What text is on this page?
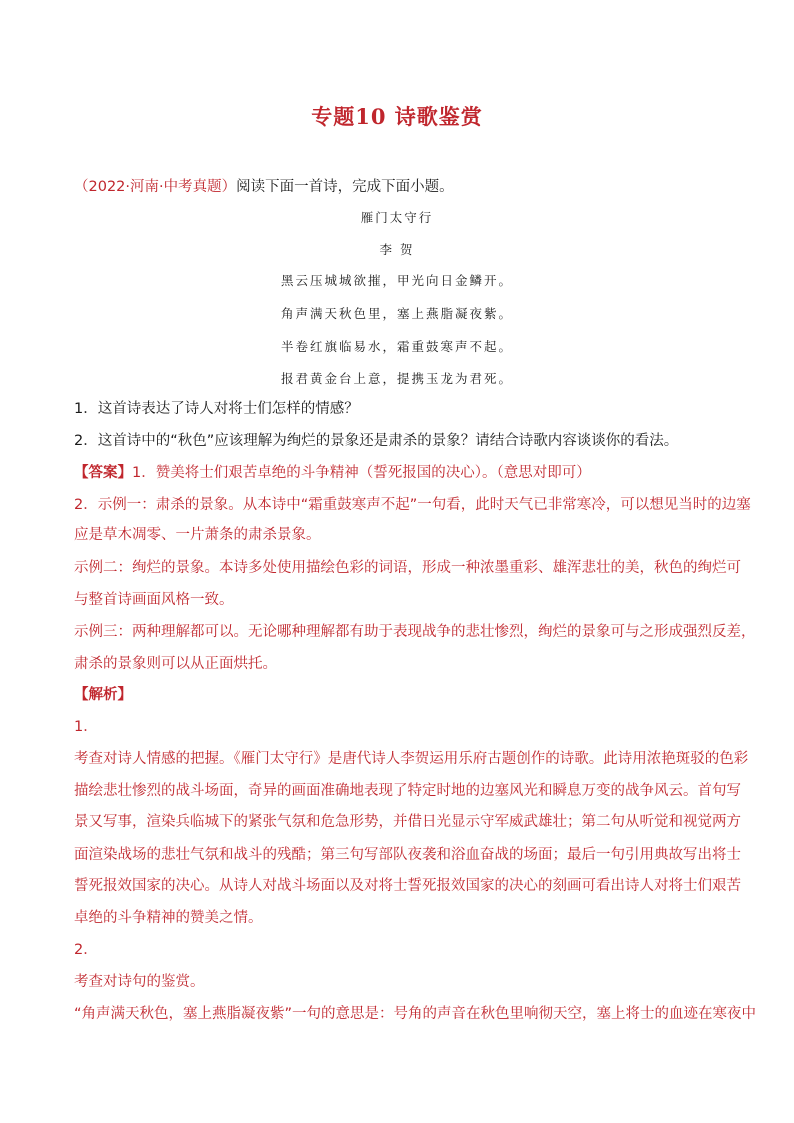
专题10 诗歌鉴赏
（2022·河南·中考真题）阅读下面一首诗，完成下面小题。
雁门太守行
李 贺
黑云压城城欲摧，甲光向日金鳞开。
角声满天秋色里，塞上燕脂凝夜紫。
半卷红旗临易水，霜重鼓寒声不起。
报君黄金台上意，提携玉龙为君死。
1．这首诗表达了诗人对将士们怎样的情感？
2．这首诗中的“秋色”应该理解为绚烂的景象还是肃杀的景象？请结合诗歌内容谈谈你的看法。
【答案】1．赞美将士们艰苦卓绝的斗争精神（誓死报国的决心）。（意思对即可）
2．示例一：肃杀的景象。从本诗中“霜重鼓寒声不起”一句看，此时天气已非常寒冷，可以想见当时的边塞
应是草木凋零、一片萧条的肃杀景象。
示例二：绚烂的景象。本诗多处使用描绘色彩的词语，形成一种浓墨重彩、雄浑悲壮的美，秋色的绚烂可
与整首诗画面风格一致。
示例三：两种理解都可以。无论哪种理解都有助于表现战争的悲壮惨烈，绚烂的景象可与之形成强烈反差，
肃杀的景象则可以从正面烘托。
【解析】
1．
考查对诗人情感的把握。《雁门太守行》是唐代诗人李贺运用乐府古题创作的诗歌。此诗用浓艳斑驳的色彩
描绘悲壮惨烈的战斗场面，奇异的画面准确地表现了特定时地的边塞风光和瞬息万变的战争风云。首句写
景又写事，渲染兵临城下的紧张气氛和危急形势，并借日光显示守军威武雄壮；第二句从听觉和视觉两方
面渲染战场的悲壮气氛和战斗的残酷；第三句写部队夜袭和浴血奋战的场面；最后一句引用典故写出将士
誓死报效国家的决心。从诗人对战斗场面以及对将士誓死报效国家的决心的刻画可看出诗人对将士们艰苦
卓绝的斗争精神的赞美之情。
2．
考查对诗句的鉴赏。
“角声满天秋色，塞上燕脂凝夜紫”一句的意思是：号角的声音在秋色里响彻天空，塞上将士的血迹在寒夜中
